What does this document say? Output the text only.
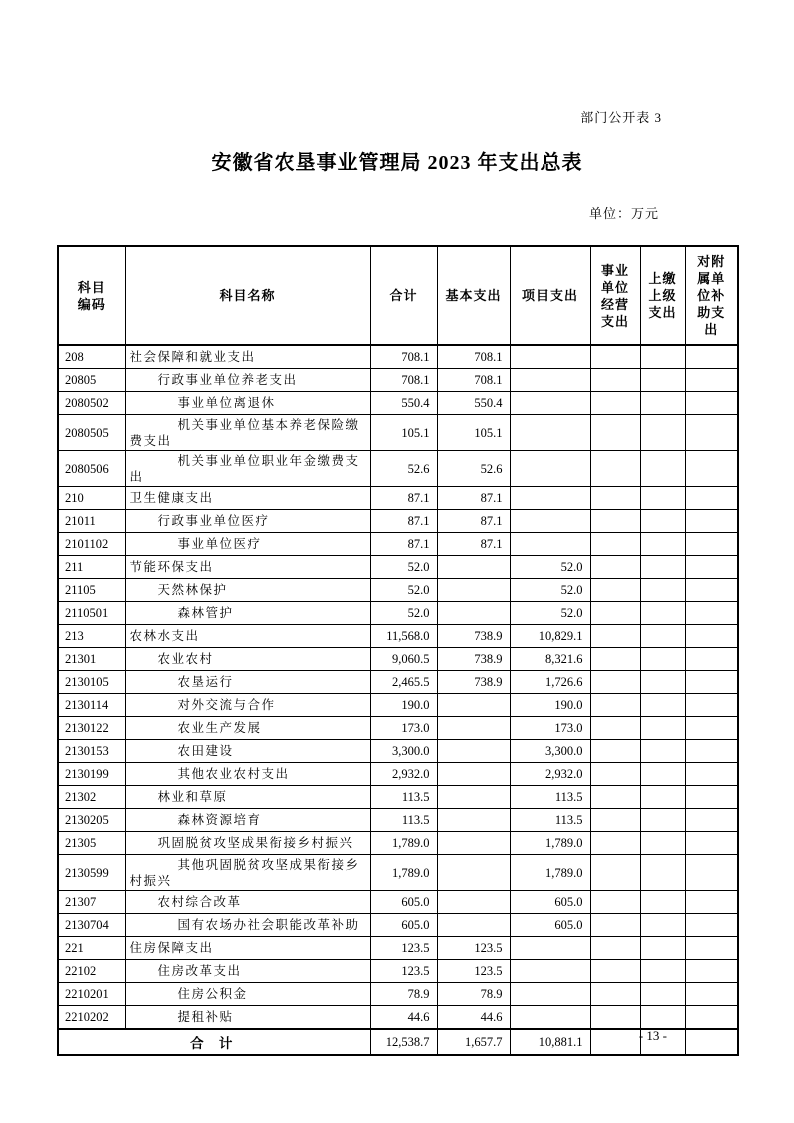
部门公开表 3
安徽省农垦事业管理局 2023 年支出总表
单位：万元
科目编码	科目名称	合计	基本支出	项目支出	事业单位经营支出	上缴上级支出	对附属单位补助支出
208	社会保障和就业支出	708.1	708.1				
20805	行政事业单位养老支出	708.1	708.1				
2080502	事业单位离退休	550.4	550.4				
2080505	机关事业单位基本养老保险缴费支出	105.1	105.1				
2080506	机关事业单位职业年金缴费支出	52.6	52.6				
210	卫生健康支出	87.1	87.1				
21011	行政事业单位医疗	87.1	87.1				
2101102	事业单位医疗	87.1	87.1				
211	节能环保支出	52.0		52.0			
21105	天然林保护	52.0		52.0			
2110501	森林管护	52.0		52.0			
213	农林水支出	11,568.0	738.9	10,829.1			
21301	农业农村	9,060.5	738.9	8,321.6			
2130105	农垦运行	2,465.5	738.9	1,726.6			
2130114	对外交流与合作	190.0		190.0			
2130122	农业生产发展	173.0		173.0			
2130153	农田建设	3,300.0		3,300.0			
2130199	其他农业农村支出	2,932.0		2,932.0			
21302	林业和草原	113.5		113.5			
2130205	森林资源培育	113.5		113.5			
21305	巩固脱贫攻坚成果衔接乡村振兴	1,789.0		1,789.0			
2130599	其他巩固脱贫攻坚成果衔接乡村振兴	1,789.0		1,789.0			
21307	农村综合改革	605.0		605.0			
2130704	国有农场办社会职能改革补助	605.0		605.0			
221	住房保障支出	123.5	123.5				
22102	住房改革支出	123.5	123.5				
2210201	住房公积金	78.9	78.9				
2210202	提租补贴	44.6	44.6				
合 计		12,538.7	1,657.7	10,881.1				- 13 -
